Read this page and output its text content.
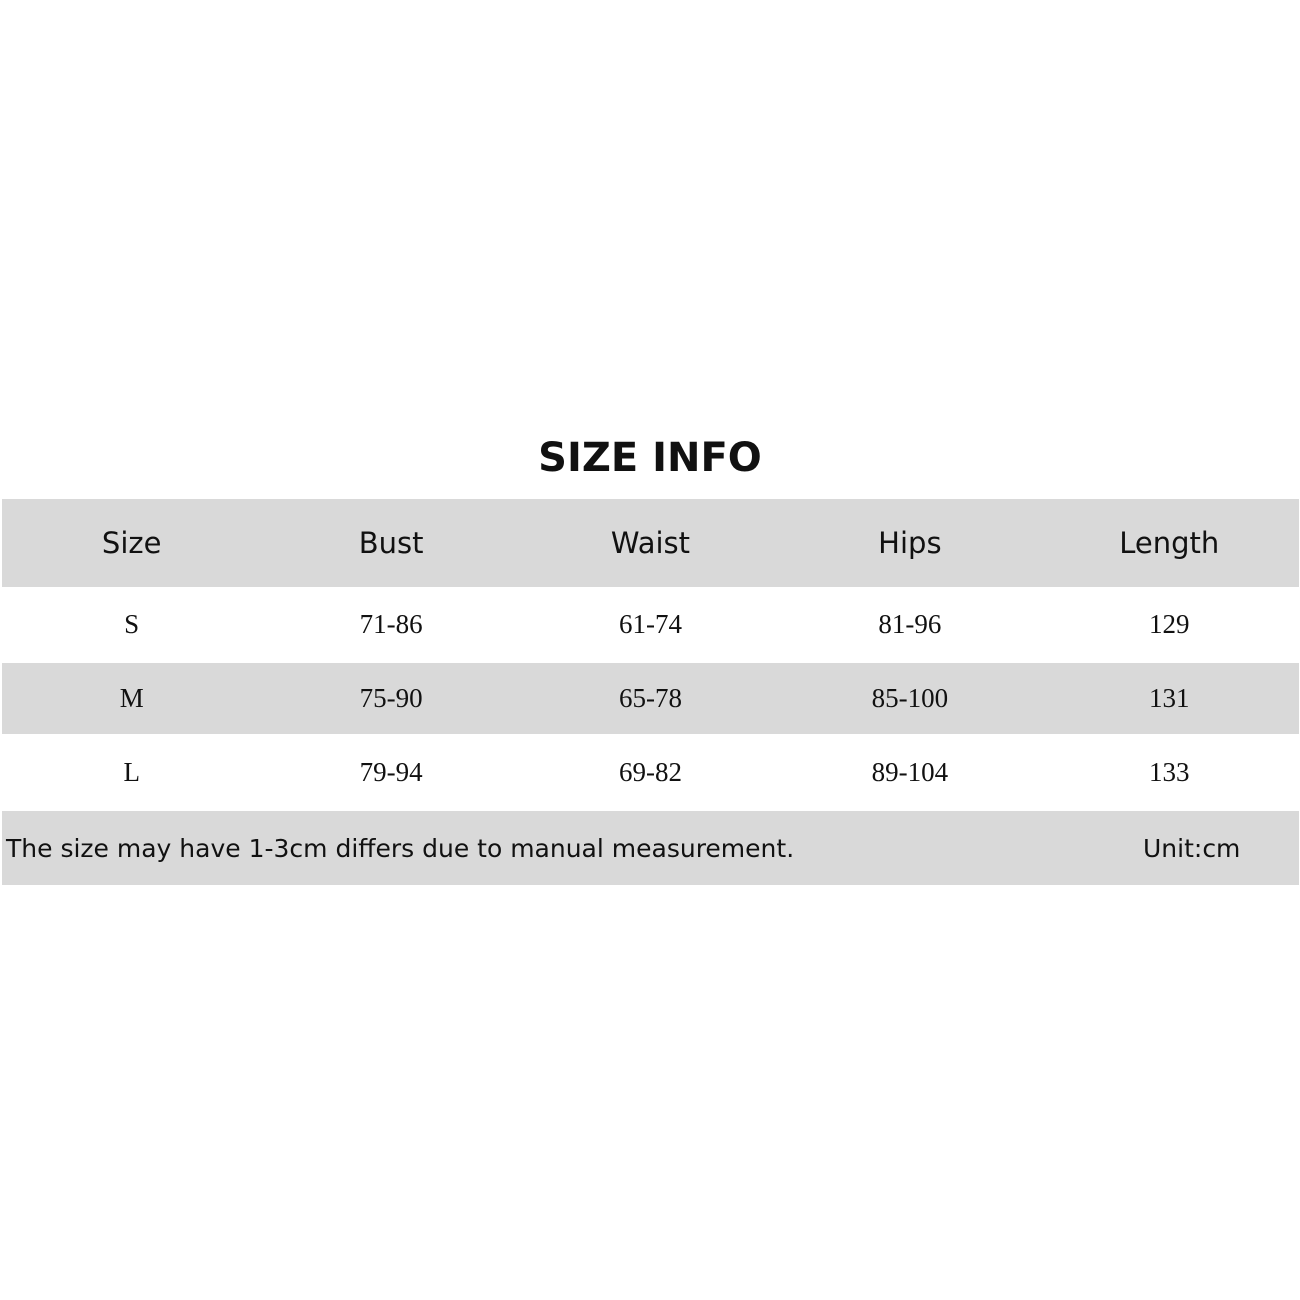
SIZE INFO
Size	Bust	Waist	Hips	Length
S	71-86	61-74	81-96	129
M	75-90	65-78	85-100	131
L	79-94	69-82	89-104	133
The size may have 1-3cm differs due to manual measurement.	Unit:cm
